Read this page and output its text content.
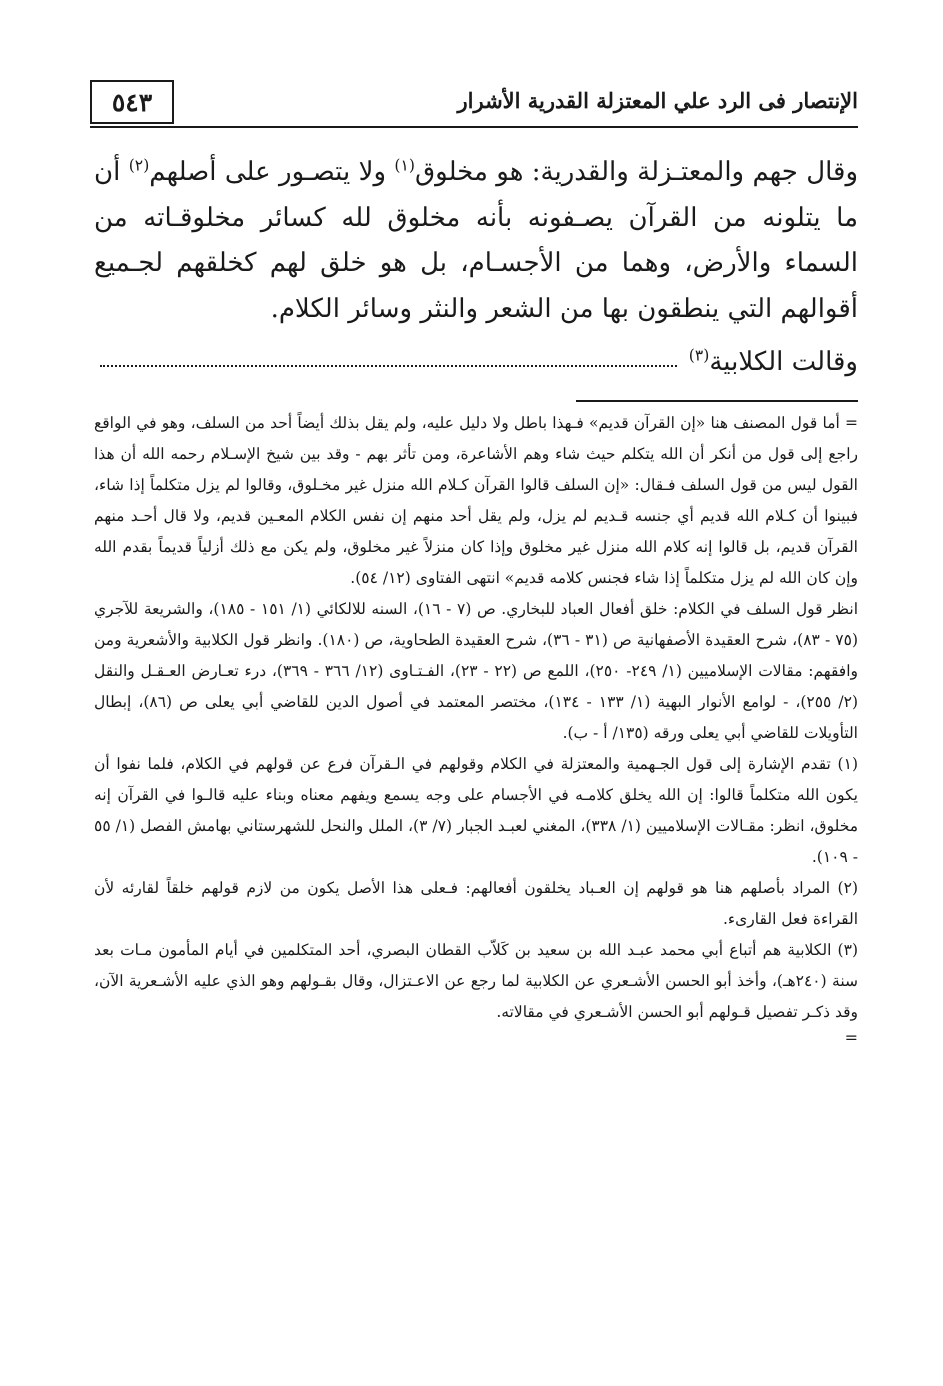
٥٤٣	الإنتصار فى الرد علي المعتزلة القدرية الأشرار

وقال جهم والمعتـزلة والقدرية: هو مخلوق$^{(١)}$ ولا يتصـور على أصلهم$^{(٢)}$ أن ما يتلونه من القرآن يصـفونه بأنه مخلوق لله كسائر مخلوقـاته من السماء والأرض، وهما من الأجسـام، بل هو خلق لهم كخلقهم لجـميع أقوالهم التي ينطقون بها من الشعر والنثر وسائر الكلام.

وقالت الكلابية$^{(٣)}$

= أما قول المصنف هنا «إن القرآن قديم» فـهذا باطل ولا دليل عليه، ولم يقل بذلك أيضاً أحد من السلف، وهو في الواقع راجع إلى قول من أنكر أن الله يتكلم حيث شاء وهم الأشاعرة، ومن تأثر بهم - وقد بين شيخ الإسـلام رحمه الله أن هذا القول ليس من قول السلف فـقال: «إن السلف قالوا القرآن كـلام الله منزل غير مخـلوق، وقالوا لم يزل متكلماً إذا شاء، فبينوا أن كـلام الله قديم أي جنسه قـديم لم يزل، ولم يقل أحد منهم إن نفس الكلام المعـين قديم، ولا قال أحـد منهم القرآن قديم، بل قالوا إنه كلام الله منزل غير مخلوق وإذا كان منزلاً غير مخلوق، ولم يكن مع ذلك أزلياً قديماً بقدم الله وإن كان الله لم يزل متكلماً إذا شاء فجنس كلامه قديم» انتهى الفتاوى (١٢/ ٥٤).

انظر قول السلف في الكلام: خلق أفعال العباد للبخاري. ص (٧ - ١٦)، السنه للالكائي (١/ ١٥١ - ١٨٥)، والشريعة للآجري (٧٥ - ٨٣)، شرح العقيدة الأصفهانية ص (٣١ - ٣٦)، شرح العقيدة الطحاوية، ص (١٨٠). وانظر قول الكلابية والأشعرية ومن وافقهم: مقالات الإسلاميين (١/ ٢٤٩- ٢٥٠)، اللمع ص (٢٢ - ٢٣)، الفـتـاوى (١٢/ ٣٦٦ - ٣٦٩)، درء تعـارض العـقـل والنقل (٢/ ٢٥٥)، - لوامع الأنوار البهية (١/ ١٣٣ - ١٣٤)، مختصر المعتمد في أصول الدين للقاضي أبي يعلى ص (٨٦)، إبطال التأويلات للقاضي أبي يعلى ورقه (١٣٥/ أ - ب).

(١) تقدم الإشارة إلى قول الجـهمية والمعتزلة في الكلام وقولهم في الـقرآن فرع عن قولهم في الكلام، فلما نفوا أن يكون الله متكلماً قالوا: إن الله يخلق كلامـه في الأجسام على وجه يسمع ويفهم معناه وبناء عليه قالـوا في القرآن إنه مخلوق، انظر: مقـالات الإسلاميين (١/ ٣٣٨)، المغني لعبـد الجبار (٧/ ٣)، الملل والنحل للشهرستاني بهامش الفصل (١/ ٥٥ - ١٠٩).

(٢) المراد بأصلهم هنا هو قولهم إن العـباد يخلقون أفعالهم: فـعلى هذا الأصل يكون من لازم قولهم خلقاً لقارئه لأن القراءة فعل القارىء.

(٣) الكلابية هم أتباع أبي محمد عبـد الله بن سعيد بن كَلاّب القطان البصري، أحد المتكلمين في أيام المأمون مـات بعد سنة (٢٤٠هـ)، وأخذ أبو الحسن الأشـعري عن الكلابية لما رجع عن الاعـتزال، وقال بقـولهم وهو الذي عليه الأشـعرية الآن، وقد ذكـر تفصيل قـولهم أبو الحسن الأشـعري في مقالاته.

=
